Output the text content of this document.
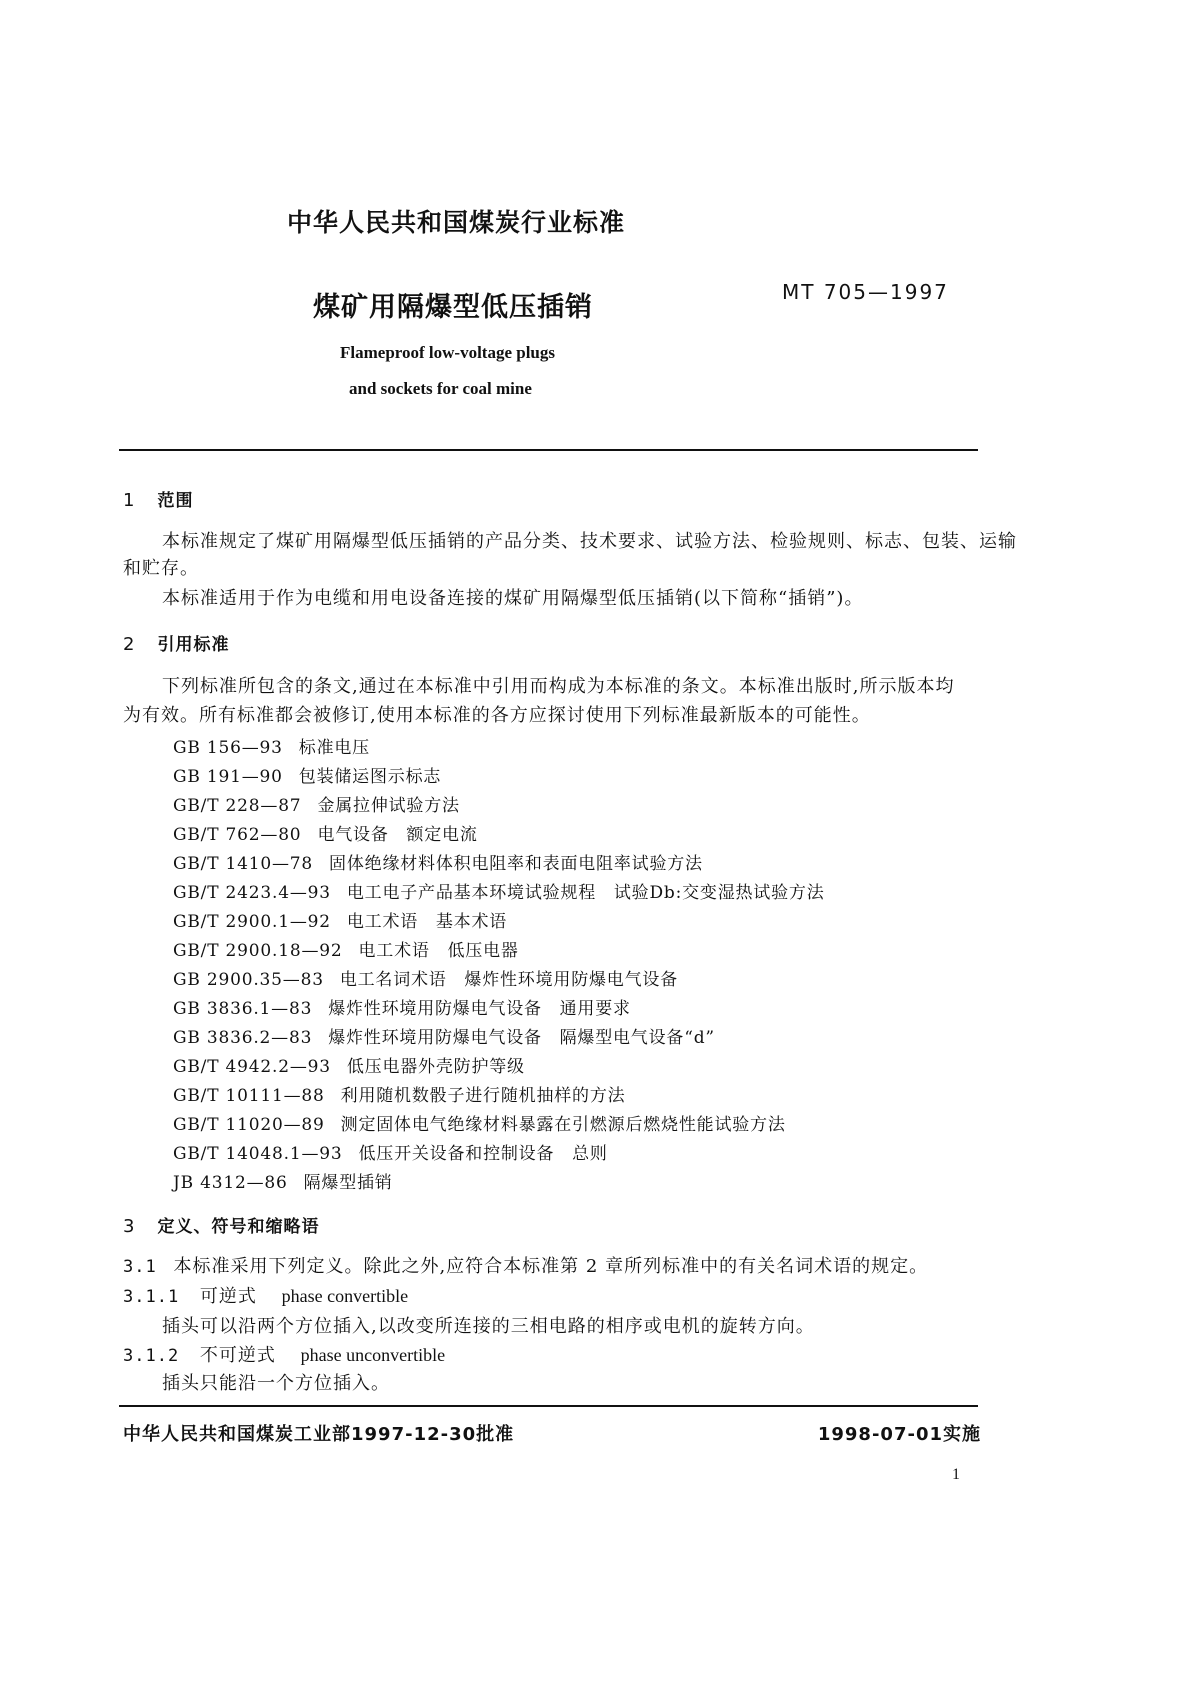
中华人民共和国煤炭行业标准
煤矿用隔爆型低压插销	MT 705—1997
Flameproof low-voltage plugs
and sockets for coal mine
1 范围
本标准规定了煤矿用隔爆型低压插销的产品分类、技术要求、试验方法、检验规则、标志、包装、运输
和贮存。
本标准适用于作为电缆和用电设备连接的煤矿用隔爆型低压插销(以下简称“插销”)。
2 引用标准
下列标准所包含的条文,通过在本标准中引用而构成为本标准的条文。本标准出版时,所示版本均
为有效。所有标准都会被修订,使用本标准的各方应探讨使用下列标准最新版本的可能性。
GB 156—93 标准电压
GB 191—90 包装储运图示标志
GB/T 228—87 金属拉伸试验方法
GB/T 762—80 电气设备　额定电流
GB/T 1410—78 固体绝缘材料体积电阻率和表面电阻率试验方法
GB/T 2423.4—93 电工电子产品基本环境试验规程　试验Db:交变湿热试验方法
GB/T 2900.1—92 电工术语　基本术语
GB/T 2900.18—92 电工术语　低压电器
GB 2900.35—83 电工名词术语　爆炸性环境用防爆电气设备
GB 3836.1—83 爆炸性环境用防爆电气设备　通用要求
GB 3836.2—83 爆炸性环境用防爆电气设备　隔爆型电气设备“d”
GB/T 4942.2—93 低压电器外壳防护等级
GB/T 10111—88 利用随机数骰子进行随机抽样的方法
GB/T 11020—89 测定固体电气绝缘材料暴露在引燃源后燃烧性能试验方法
GB/T 14048.1—93 低压开关设备和控制设备　总则
JB 4312—86 隔爆型插销
3 定义、符号和缩略语
3.1 本标准采用下列定义。除此之外,应符合本标准第 2 章所列标准中的有关名词术语的规定。
3.1.1 可逆式 phase convertible
插头可以沿两个方位插入,以改变所连接的三相电路的相序或电机的旋转方向。
3.1.2 不可逆式 phase unconvertible
插头只能沿一个方位插入。
中华人民共和国煤炭工业部1997-12-30批准	1998-07-01实施
1
